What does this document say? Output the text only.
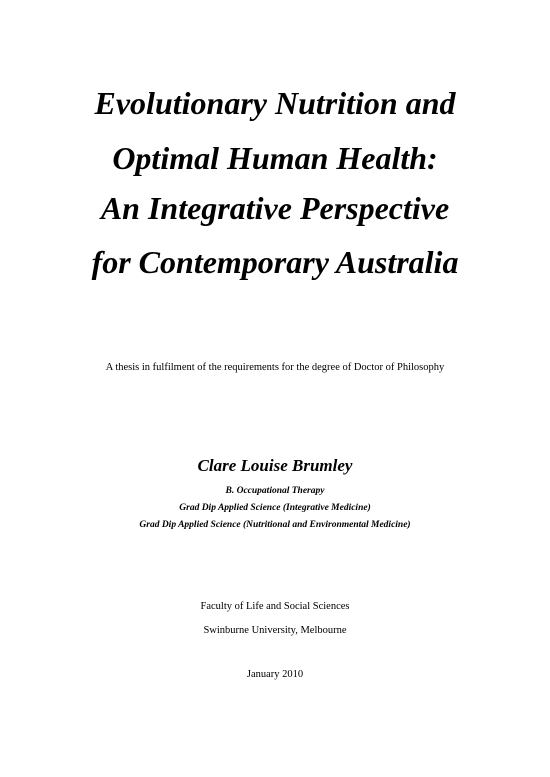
Evolutionary Nutrition and
Optimal Human Health:
An Integrative Perspective
for Contemporary Australia
A thesis in fulfilment of the requirements for the degree of Doctor of Philosophy
Clare Louise Brumley
B. Occupational Therapy
Grad Dip Applied Science (Integrative Medicine)
Grad Dip Applied Science (Nutritional and Environmental Medicine)
Faculty of Life and Social Sciences
Swinburne University, Melbourne
January 2010
